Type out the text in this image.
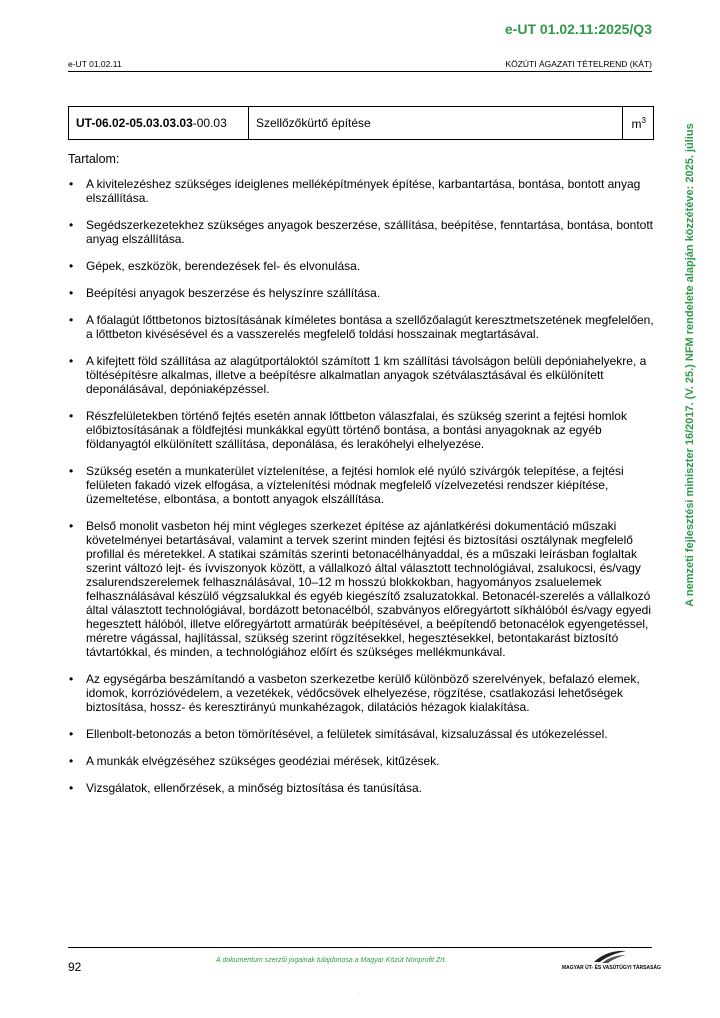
e-UT 01.02.11:2025/Q3
e-UT 01.02.11	KÖZÚTI ÁGAZATI TÉTELREND (KÁT)
A nemzeti fejlesztési miniszter 16/2017. (V. 25.) NFM rendelete alapján közzétéve: 2025. július
UT-06.02-05.03.03.03-00.03	Szellőzőkürtő építése	$m^3$
Tartalom:
• A kivitelezéshez szükséges ideiglenes melléképítmények építése, karbantartása, bontása, bontott anyag elszállítása.
• Segédszerkezetekhez szükséges anyagok beszerzése, szállítása, beépítése, fenntartása, bontása, bontott anyag elszállítása.
• Gépek, eszközök, berendezések fel- és elvonulása.
• Beépítési anyagok beszerzése és helyszínre szállítása.
• A főalagút lőttbetonos biztosításának kíméletes bontása a szellőzőalagút keresztmetszetének megfelelően, a lőttbeton kivésésével és a vasszerelés megfelelő toldási hosszainak megtartásával.
• A kifejtett föld szállítása az alagútportáloktól számított 1 km szállítási távolságon belüli depóniahelyekre, a töltésépítésre alkalmas, illetve a beépítésre alkalmatlan anyagok szétválasztásával és elkülönített deponálásával, depóniaképzéssel.
• Részfelületekben történő fejtés esetén annak lőttbeton válaszfalai, és szükség szerint a fejtési homlok előbiztosításának a földfejtési munkákkal együtt történő bontása, a bontási anyagoknak az egyéb földanyagtól elkülönített szállítása, deponálása, és lerakóhelyi elhelyezése.
• Szükség esetén a munkaterület víztelenítése, a fejtési homlok elé nyúló szivárgók telepítése, a fejtési felületen fakadó vizek elfogása, a víztelenítési módnak megfelelő vízelvezetési rendszer kiépítése, üzemeltetése, elbontása, a bontott anyagok elszállítása.
• Belső monolit vasbeton héj mint végleges szerkezet építése az ajánlatkérési dokumentáció műszaki követelményei betartásával, valamint a tervek szerint minden fejtési és biztosítási osztálynak megfelelő profillal és méretekkel. A statikai számítás szerinti betonacélhányaddal, és a műszaki leírásban foglaltak szerint változó lejt- és ívviszonyok között, a vállalkozó által választott technológiával, zsalukocsi, és/vagy zsalurendszerelemek felhasználásával, 10–12 m hosszú blokkokban, hagyományos zsaluelemek felhasználásával készülő végzsalukkal és egyéb kiegészítő zsaluzatokkal. Betonacél-szerelés a vállalkozó által választott technológiával, bordázott betonacélból, szabványos előregyártott síkhálóból és/vagy egyedi hegesztett hálóból, illetve előregyártott armatúrák beépítésével, a beépítendő betonacélok egyengetéssel, méretre vágással, hajlítással, szükség szerint rögzítésekkel, hegesztésekkel, betontakarást biztosító távtartókkal, és minden, a technológiához előírt és szükséges mellékmunkával.
• Az egységárba beszámítandó a vasbeton szerkezetbe kerülő különböző szerelvények, befalazó elemek, idomok, korrózióvédelem, a vezetékek, védőcsövek elhelyezése, rögzítése, csatlakozási lehetőségek biztosítása, hossz- és keresztirányú munkahézagok, dilatációs hézagok kialakítása.
• Ellenbolt-betonozás a beton tömörítésével, a felületek simításával, kizsaluzással és utókezeléssel.
• A munkák elvégzéséhez szükséges geodéziai mérések, kitűzések.
• Vizsgálatok, ellenőrzések, a minőség biztosítása és tanúsítása.
92	A dokumentum szerzői jogainak tulajdonosa a Magyar Közút Nonprofit Zrt.
MAGYAR ÚT- ÉS VASÚTÜGYI TÁRSASÁG
.
